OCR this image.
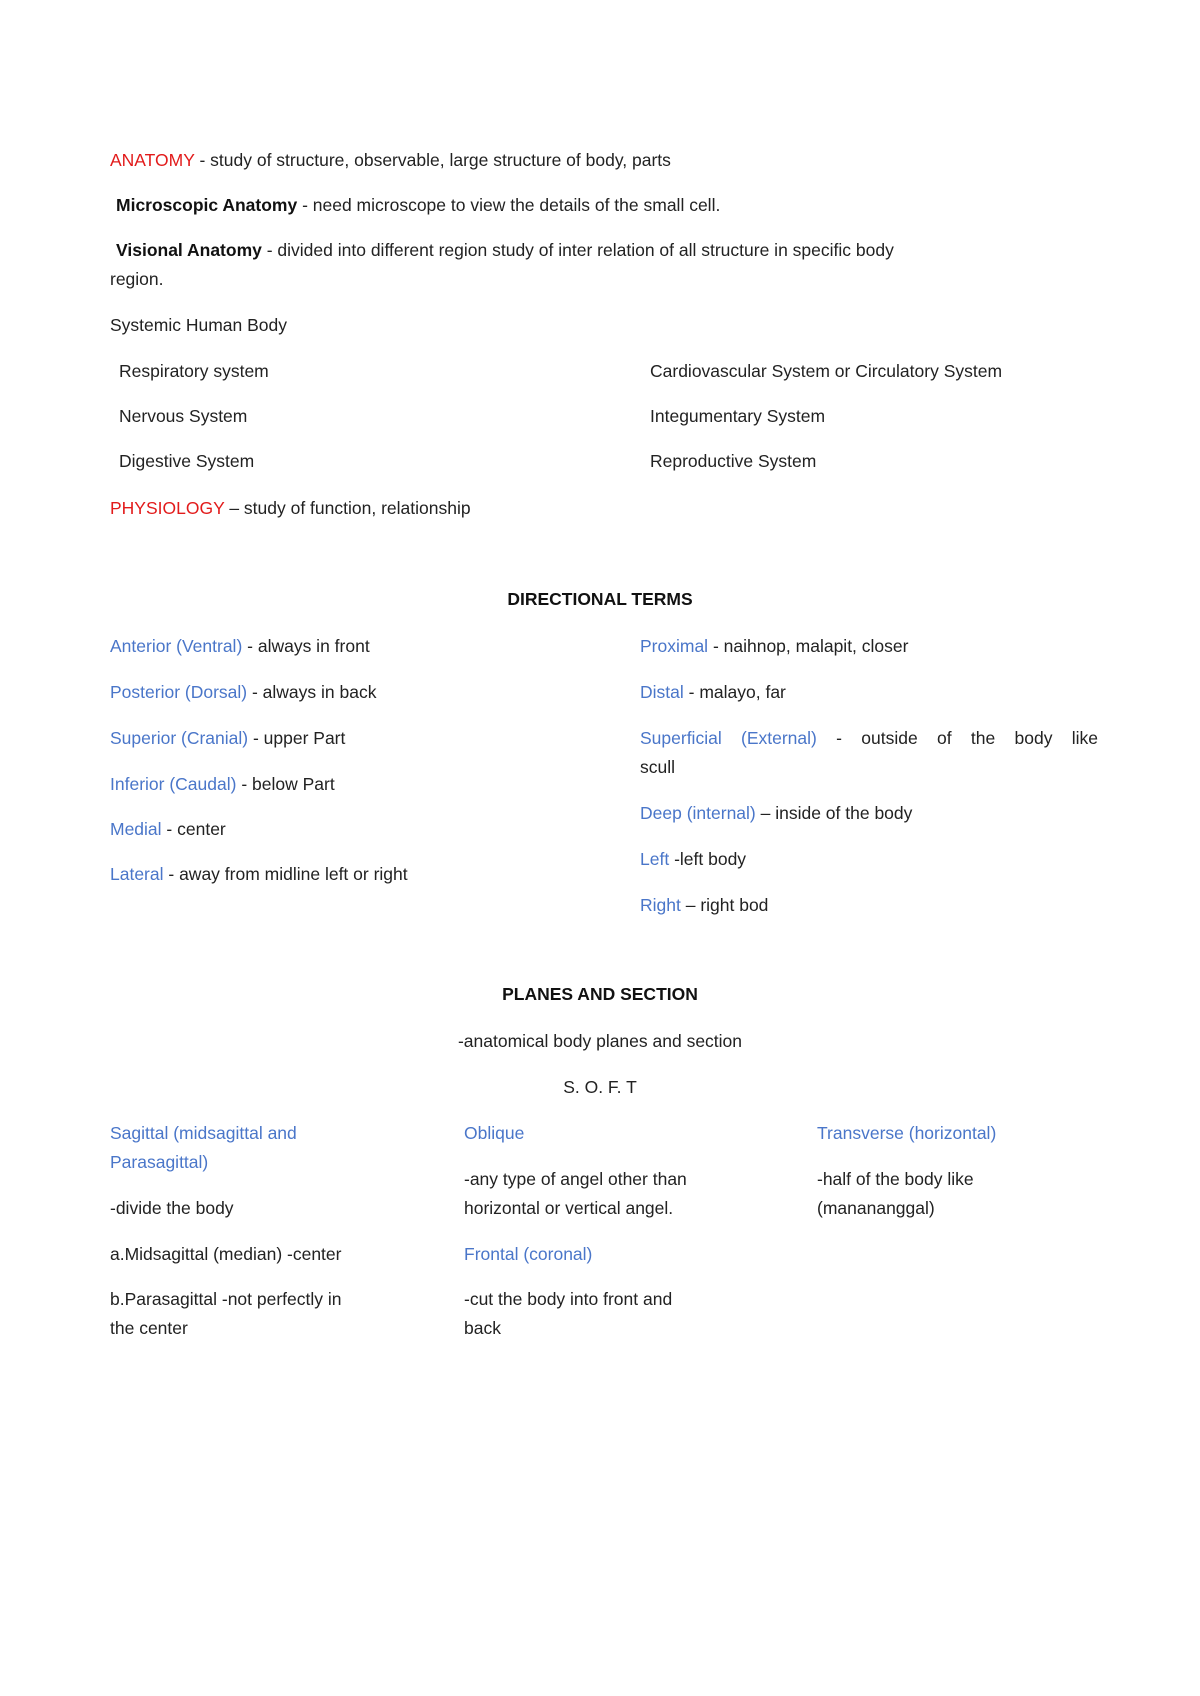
ANATOMY - study of structure, observable, large structure of body, parts

Microscopic Anatomy - need microscope to view the details of the small cell.

Visional Anatomy - divided into different region study of inter relation of all structure in specific body

region.

Systemic Human Body

Respiratory system

Nervous System

Digestive System

Cardiovascular System or Circulatory System

Integumentary System

Reproductive System

PHYSIOLOGY – study of function, relationship

DIRECTIONAL TERMS

Anterior (Ventral) - always in front

Posterior (Dorsal) - always in back

Superior (Cranial) - upper Part

Inferior (Caudal) - below Part

Medial - center

Lateral - away from midline left or right

Proximal - naihnop, malapit, closer

Distal - malayo, far

Superficial (External) - outside of the body like

scull

Deep (internal) – inside of the body

Left -left body

Right – right bod

PLANES AND SECTION

-anatomical body planes and section

S. O. F. T

Sagittal (midsagittal and

Parasagittal)

-divide the body

a.Midsagittal (median) -center

b.Parasagittal -not perfectly in

the center

Oblique

-any type of angel other than

horizontal or vertical angel.

Frontal (coronal)

-cut the body into front and

back

Transverse (horizontal)

-half of the body like

(manananggal)
